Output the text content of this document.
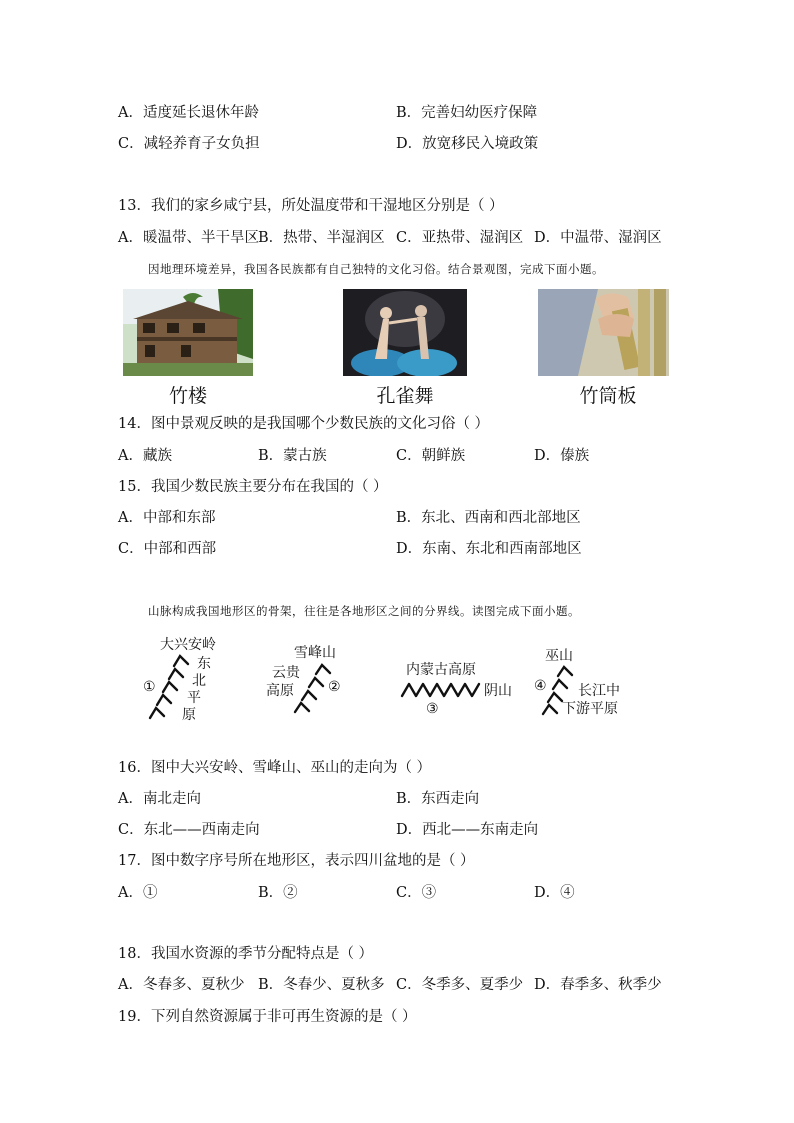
A．适度延长退休年龄	B．完善妇幼医疗保障
C．减轻养育子女负担	D．放宽移民入境政策
13．我们的家乡咸宁县，所处温度带和干湿地区分别是（ ）
A．暖温带、半干旱区 B．热带、半湿润区 C．亚热带、湿润区 D．中温带、湿润区
因地理环境差异，我国各民族都有自己独特的文化习俗。结合景观图，完成下面小题。
竹楼	孔雀舞	竹筒板
14．图中景观反映的是我国哪个少数民族的文化习俗（ ）
A．藏族	B．蒙古族	C．朝鲜族	D．傣族
15．我国少数民族主要分布在我国的（ ）
A．中部和东部	B．东北、西南和西北部地区
C．中部和西部	D．东南、东北和西南部地区
山脉构成我国地形区的骨架，往往是各地形区之间的分界线。读图完成下面小题。
大兴安岭
①
东
北
平
原
雪峰山
云贵
高原 ②
内蒙古高原
阴山
③
巫山
④ 长江中
下游平原
16．图中大兴安岭、雪峰山、巫山的走向为（ ）
A．南北走向	B．东西走向
C．东北——西南走向	D．西北——东南走向
17．图中数字序号所在地形区，表示四川盆地的是（ ）
A．①	B．②	C．③	D．④
18．我国水资源的季节分配特点是（ ）
A．冬春多、夏秋少 B．冬春少、夏秋多 C．冬季多、夏季少 D．春季多、秋季少
19．下列自然资源属于非可再生资源的是（ ）
